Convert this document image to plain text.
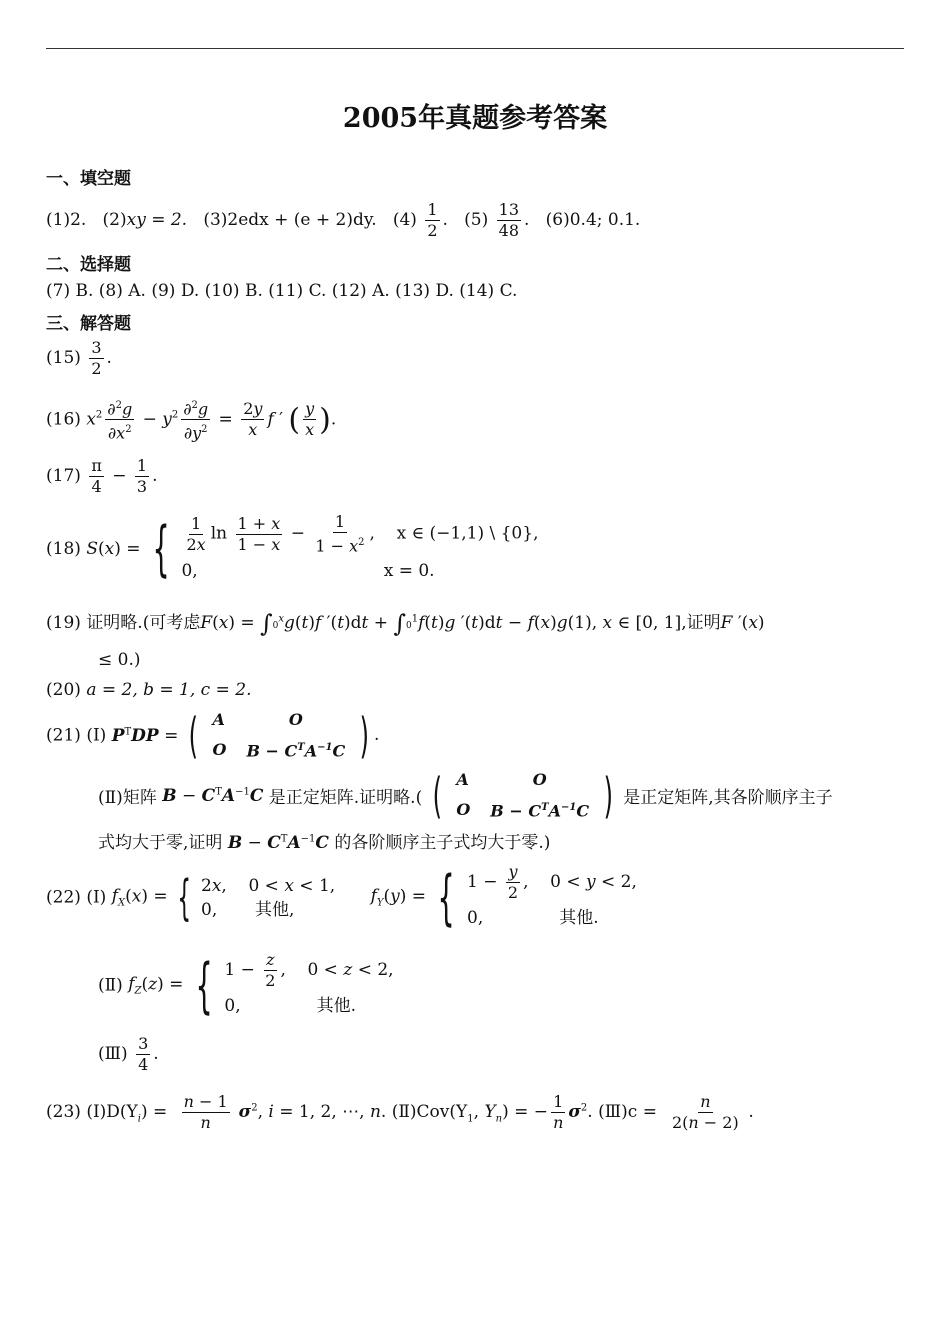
2005年真题参考答案
一、填空题
(1)2. (2)xy = 2. (3)2edx + (e + 2)dy. $(4) \frac{1}{2}$ .   $(5) \frac{13}{48}$ .   (6)0.4; 0.1.
二、选择题
(7) B. (8) A. (9) D. (10) B. (11) C. (12) A. (13) D. (14) C.
三、解答题
$(15) \frac{3}{2}$ .
(16) $x^2 \frac{\partial^2g}{\partial x^2} - y^2 \frac{\partial^2g}{\partial y^2} = \frac{2y}{x}$ f ′ ( $\frac{y}{x}$ ).
$(17) \frac{\pi}{4} - \frac{1}{3}$ .
(18) S(x) = { $\frac{1}{2x}$ $\ln \frac{1 + x}{1 - x} - \frac{1}{1 - x^2}$ ,    x ∈ (−1,1) \ {0},
0,	x = 0.
(19) 证明略.(可考虑$F(x) = \int 0^xg(t)f$ $'(t)dt + \int 0^1f(t)g$ ′(t)dt − f(x)g(1), x ∈ [0, 1],证明F ′(x)
≤ 0.)
(20) a = 2, b = 1, c = 2.
(21) (Ⅰ) $P^TDP$ = ( A	O
O	$B - C^TA^{-1}C$ ) .
(Ⅱ)矩阵 $B - C^TA^{-1}C$ 是正定矩阵.证明略.( ( A	O
O	$B - C^TA^{-1}C$ ) 是正定矩阵,其各阶顺序主子
式均大于零,证明 $B - C^TA^{-1}C$ 的各阶顺序主子式均大于零.)
(22) (Ⅰ) $f_X(x)$ = { 2x,    0 < x < 1,
0,       其他,
$f_Y(y)$ = { $1 - \frac{y}{2}$ ,    0 < y < 2,
0,	其他.
(Ⅱ) $f_Z(z)$ = { $1 - \frac{z}{2}$ ,    0 < z < 2,
0,	其他.
(Ⅲ) $\frac{3}{4}$ .
(23) $(Ⅰ)D(Y_i) = \frac{n - 1}{n} \sigma^2$, i = 1, 2, ⋯, n. $(Ⅱ)Cov(Y_1$, $Y_n$) = − $\frac{1}{n} \sigma^2$. (Ⅲ)c = $\frac{n}{2(n - 2)}$ .
